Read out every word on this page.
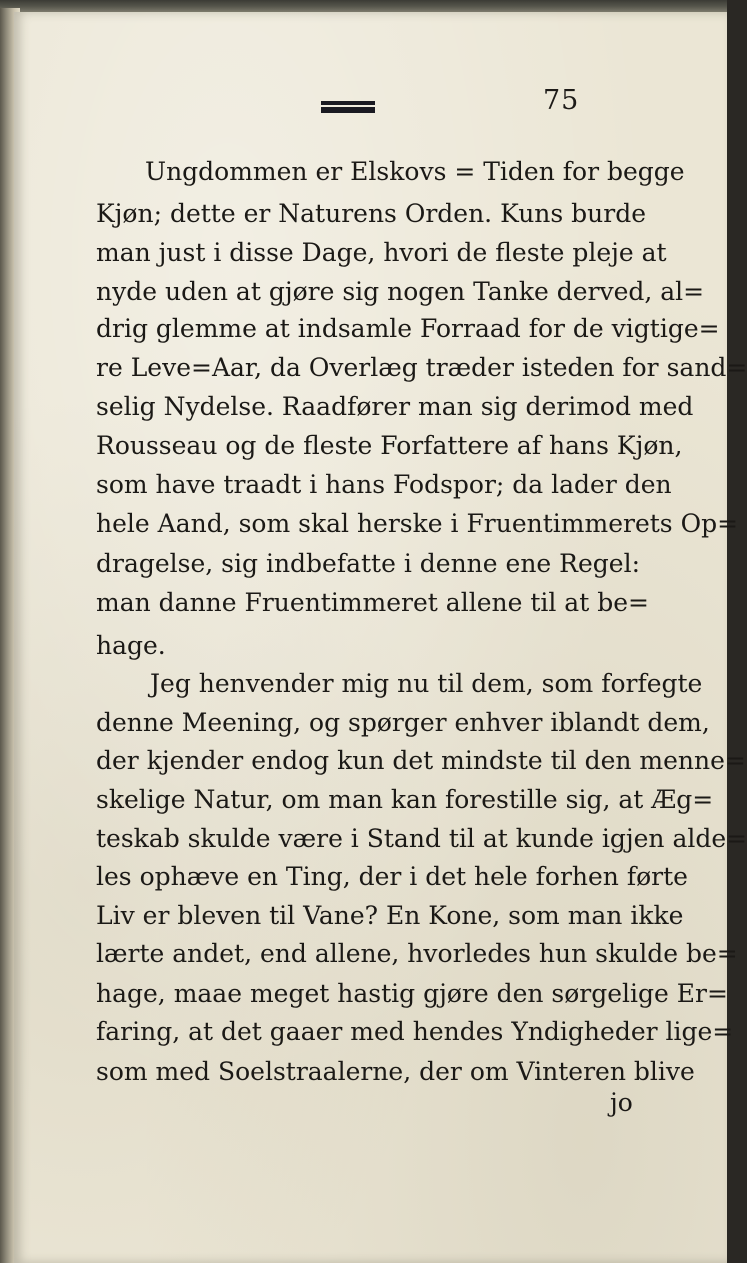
75
Ungdommen er Elskovs = Tiden for begge
Kjøn; dette er Naturens Orden. Kuns burde
man just i disse Dage, hvori de fleste pleje at
nyde uden at gjøre sig nogen Tanke derved, al=
drig glemme at indsamle Forraad for de vigtige=
re Leve=Aar, da Overlæg træder isteden for sand=
selig Nydelse. Raadfører man sig derimod med
Rousseau og de fleste Forfattere af hans Kjøn,
som have traadt i hans Fodspor; da lader den
hele Aand, som skal herske i Fruentimmerets Op=
dragelse, sig indbefatte i denne ene Regel:
man danne Fruentimmeret allene til at be=
hage.
Jeg henvender mig nu til dem, som forfegte
denne Meening, og spørger enhver iblandt dem,
der kjender endog kun det mindste til den menne=
skelige Natur, om man kan forestille sig, at Æg=
teskab skulde være i Stand til at kunde igjen alde=
les ophæve en Ting, der i det hele forhen førte
Liv er bleven til Vane? En Kone, som man ikke
lærte andet, end allene, hvorledes hun skulde be=
hage, maae meget hastig gjøre den sørgelige Er=
faring, at det gaaer med hendes Yndigheder lige=
som med Soelstraalerne, der om Vinteren blive
jo
